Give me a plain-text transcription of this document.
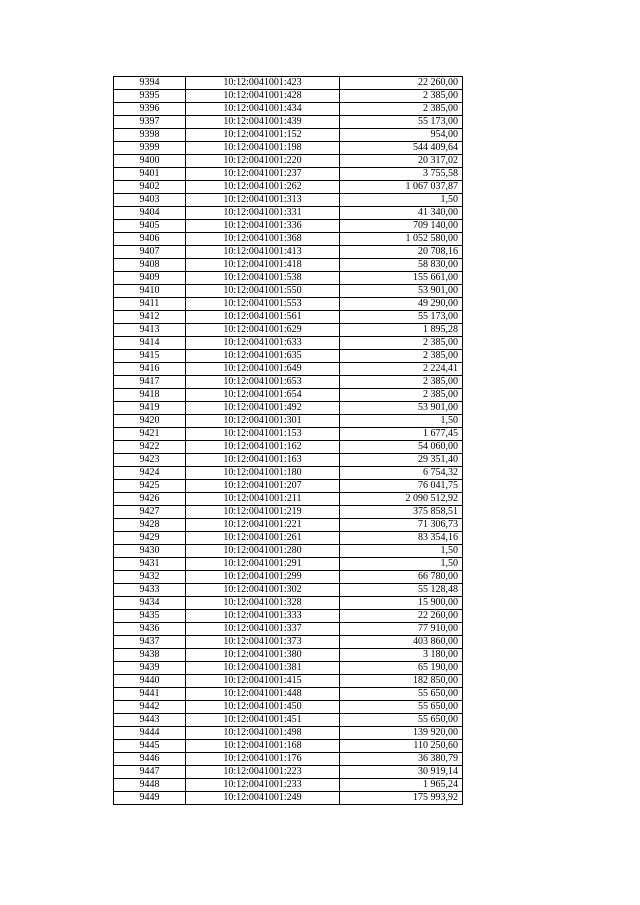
9394	10:12:0041001:423	22 260,00
9395	10:12:0041001:428	2 385,00
9396	10:12:0041001:434	2 385,00
9397	10:12:0041001:439	55 173,00
9398	10:12:0041001:152	954,00
9399	10:12:0041001:198	544 409,64
9400	10:12:0041001:220	20 317,02
9401	10:12:0041001:237	3 755,58
9402	10:12:0041001:262	1 067 037,87
9403	10:12:0041001:313	1,50
9404	10:12:0041001:331	41 340,00
9405	10:12:0041001:336	709 140,00
9406	10:12:0041001:368	1 052 580,00
9407	10:12:0041001:413	20 708,16
9408	10:12:0041001:418	58 830,00
9409	10:12:0041001:538	155 661,00
9410	10:12:0041001:550	53 901,00
9411	10:12:0041001:553	49 290,00
9412	10:12:0041001:561	55 173,00
9413	10:12:0041001:629	1 895,28
9414	10:12:0041001:633	2 385,00
9415	10:12:0041001:635	2 385,00
9416	10:12:0041001:649	2 224,41
9417	10:12:0041001:653	2 385,00
9418	10:12:0041001:654	2 385,00
9419	10:12:0041001:492	53 901,00
9420	10:12:0041001:301	1,50
9421	10:12:0041001:153	1 677,45
9422	10:12:0041001:162	54 060,00
9423	10:12:0041001:163	29 351,40
9424	10:12:0041001:180	6 754,32
9425	10:12:0041001:207	76 041,75
9426	10:12:0041001:211	2 090 512,92
9427	10:12:0041001:219	375 858,51
9428	10:12:0041001:221	71 306,73
9429	10:12:0041001:261	83 354,16
9430	10:12:0041001:280	1,50
9431	10:12:0041001:291	1,50
9432	10:12:0041001:299	66 780,00
9433	10:12:0041001:302	55 128,48
9434	10:12:0041001:328	15 900,00
9435	10:12:0041001:333	22 260,00
9436	10:12:0041001:337	77 910,00
9437	10:12:0041001:373	403 860,00
9438	10:12:0041001:380	3 180,00
9439	10:12:0041001:381	65 190,00
9440	10:12:0041001:415	182 850,00
9441	10:12:0041001:448	55 650,00
9442	10:12:0041001:450	55 650,00
9443	10:12:0041001:451	55 650,00
9444	10:12:0041001:498	139 920,00
9445	10:12:0041001:168	110 250,60
9446	10:12:0041001:176	36 380,79
9447	10:12:0041001:223	30 919,14
9448	10:12:0041001:233	1 965,24
9449	10:12:0041001:249	175 993,92
